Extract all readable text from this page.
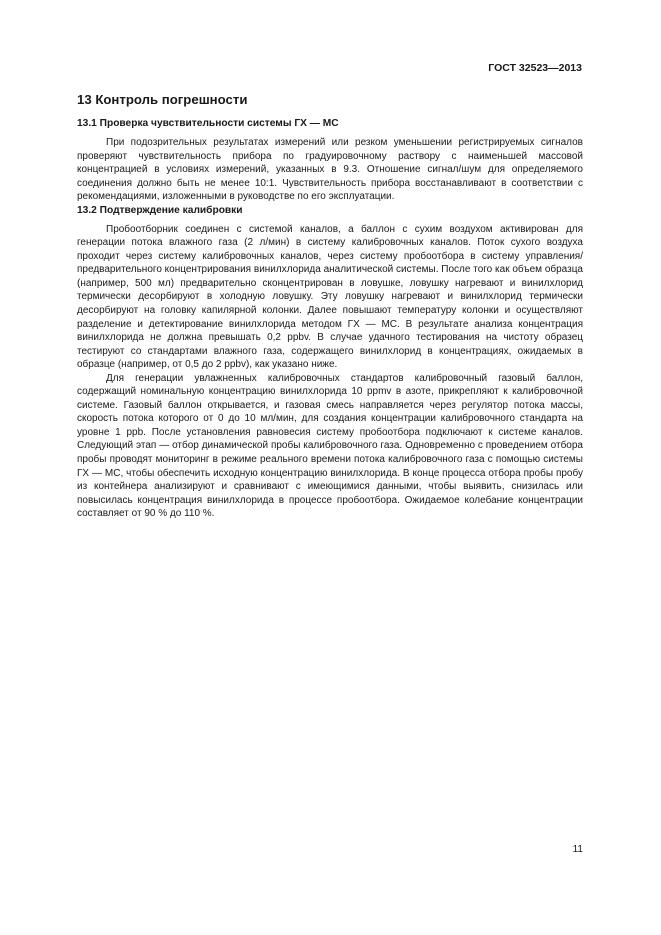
ГОСТ 32523—2013
13 Контроль погрешности
13.1 Проверка чувствительности системы ГХ — МС

При подозрительных результатах измерений или резком уменьшении регистрируемых сигналов проверяют чувствительность прибора по градуировочному раствору с наименьшей массовой концентрацией в условиях измерений, указанных в 9.3. Отношение сигнал/шум для определяемого соединения должно быть не менее 10:1. Чувствительность прибора восстанавливают в соответствии с рекомендациями, изложенными в руководстве по его эксплуатации.

13.2 Подтверждение калибровки

Пробоотборник соединен с системой каналов, а баллон с сухим воздухом активирован для генерации потока влажного газа (2 л/мин) в систему калибровочных каналов. Поток сухого воздуха проходит через систему калибровочных каналов, через систему пробоотбора в систему управления/предварительного концентрирования винилхлорида аналитической системы. После того как объем образца (например, 500 мл) предварительно сконцентрирован в ловушке, ловушку нагревают и винилхлорид термически десорбируют в холодную ловушку. Эту ловушку нагревают и винилхлорид термически десорбируют на головку капилярной колонки. Далее повышают температуру колонки и осуществляют разделение и детектирование винилхлорида методом ГХ — МС. В результате анализа концентрация винилхлорида не должна превышать 0,2 ppbv. В случае удачного тестирования на чистоту образец тестируют со стандартами влажного газа, содержащего винилхлорид в концентрациях, ожидаемых в образце (например, от 0,5 до 2 ppbv), как указано ниже.

Для генерации увлажненных калибровочных стандартов калибровочный газовый баллон, содержащий номинальную концентрацию винилхлорида 10 ppmv в азоте, прикрепляют к калибровочной системе. Газовый баллон открывается, и газовая смесь направляется через регулятор потока массы, скорость потока которого от 0 до 10 мл/мин, для создания концентрации калибровочного стандарта на уровне 1 ppb. После установления равновесия систему пробоотбора подключают к системе каналов. Следующий этап — отбор динамической пробы калибровочного газа. Одновременно с проведением отбора пробы проводят мониторинг в режиме реального времени потока калибровочного газа с помощью системы ГХ — МС, чтобы обеспечить исходную концентрацию винилхлорида. В конце процесса отбора пробы пробу из контейнера анализируют и сравнивают с имеющимися данными, чтобы выявить, снизилась или повысилась концентрация винилхлорида в процессе пробоотбора. Ожидаемое колебание концентрации составляет от 90 % до 110 %.

11
